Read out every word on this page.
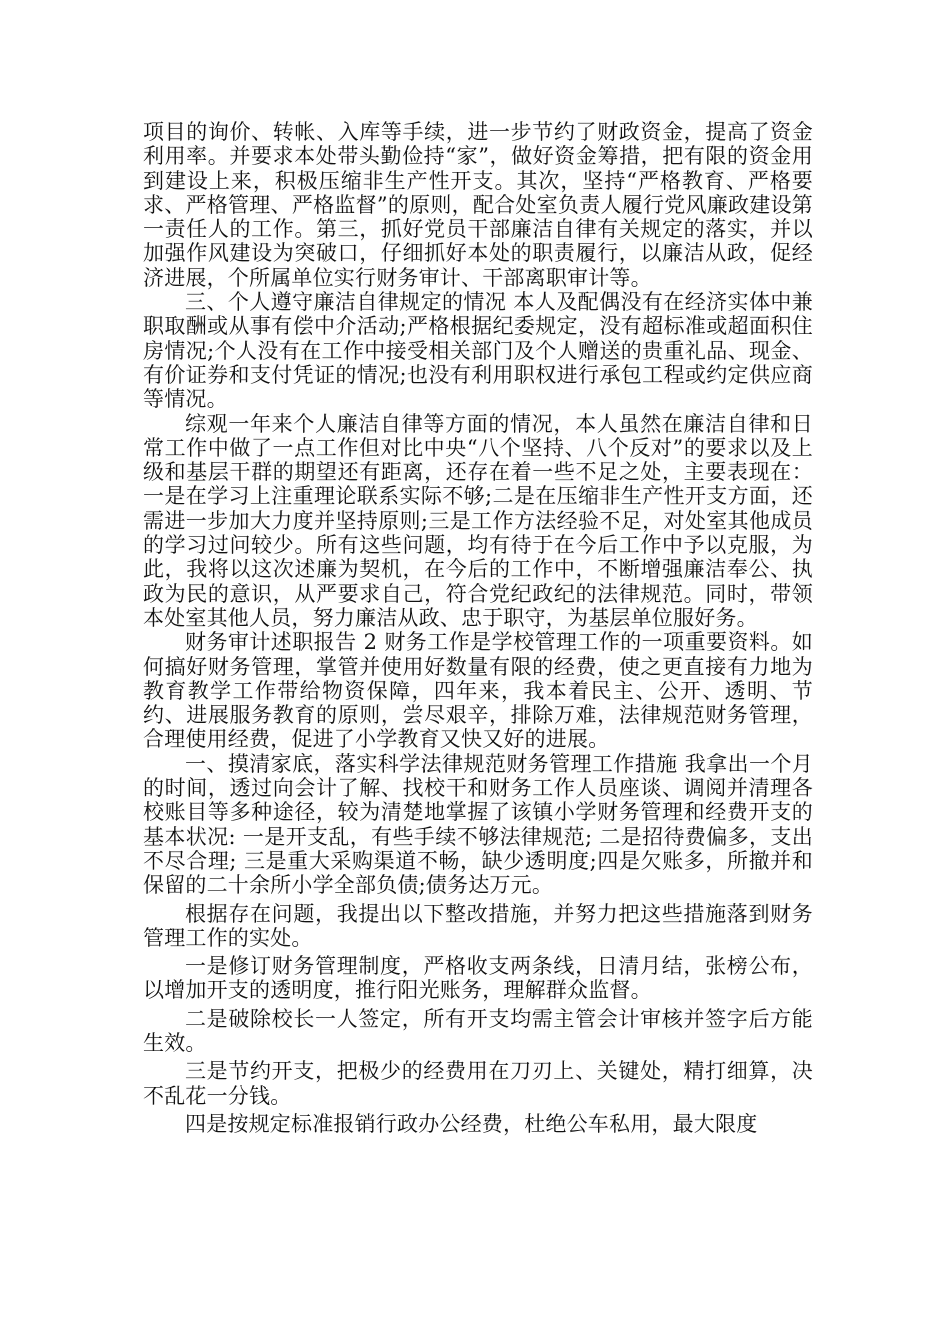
项目的询价、转帐、入库等手续，进一步节约了财政资金，提高了资金利用率。并要求本处带头勤俭持“家”，做好资金筹措，把有限的资金用到建设上来，积极压缩非生产性开支。其次，坚持“严格教育、严格要求、严格管理、严格监督”的原则，配合处室负责人履行党风廉政建设第一责任人的工作。第三，抓好党员干部廉洁自律有关规定的落实，并以加强作风建设为突破口，仔细抓好本处的职责履行，以廉洁从政，促经济进展，个所属单位实行财务审计、干部离职审计等。

三、个人遵守廉洁自律规定的情况 本人及配偶没有在经济实体中兼职取酬或从事有偿中介活动;严格根据纪委规定，没有超标准或超面积住房情况;个人没有在工作中接受相关部门及个人赠送的贵重礼品、现金、有价证券和支付凭证的情况;也没有利用职权进行承包工程或约定供应商等情况。

综观一年来个人廉洁自律等方面的情况，本人虽然在廉洁自律和日常工作中做了一点工作但对比中央“八个坚持、八个反对”的要求以及上级和基层干群的期望还有距离，还存在着一些不足之处，主要表现在：一是在学习上注重理论联系实际不够;二是在压缩非生产性开支方面，还需进一步加大力度并坚持原则;三是工作方法经验不足，对处室其他成员的学习过问较少。所有这些问题，均有待于在今后工作中予以克服，为此，我将以这次述廉为契机，在今后的工作中，不断增强廉洁奉公、执政为民的意识，从严要求自己，符合党纪政纪的法律规范。同时，带领本处室其他人员，努力廉洁从政、忠于职守，为基层单位服好务。

财务审计述职报告 2 财务工作是学校管理工作的一项重要资料。如何搞好财务管理，掌管并使用好数量有限的经费，使之更直接有力地为教育教学工作带给物资保障，四年来，我本着民主、公开、透明、节约、进展服务教育的原则，尝尽艰辛，排除万难，法律规范财务管理，合理使用经费，促进了小学教育又快又好的进展。

一、摸清家底，落实科学法律规范财务管理工作措施 我拿出一个月的时间，透过向会计了解、找校干和财务工作人员座谈、调阅并清理各校账目等多种途径，较为清楚地掌握了该镇小学财务管理和经费开支的基本状况: 一是开支乱，有些手续不够法律规范; 二是招待费偏多，支出不尽合理; 三是重大采购渠道不畅，缺少透明度;四是欠账多，所撤并和保留的二十余所小学全部负债;债务达万元。

根据存在问题，我提出以下整改措施，并努力把这些措施落到财务管理工作的实处。

一是修订财务管理制度，严格收支两条线，日清月结，张榜公布，以增加开支的透明度，推行阳光账务，理解群众监督。

二是破除校长一人签定，所有开支均需主管会计审核并签字后方能生效。

三是节约开支，把极少的经费用在刀刃上、关键处，精打细算，决不乱花一分钱。

四是按规定标准报销行政办公经费，杜绝公车私用，最大限度
